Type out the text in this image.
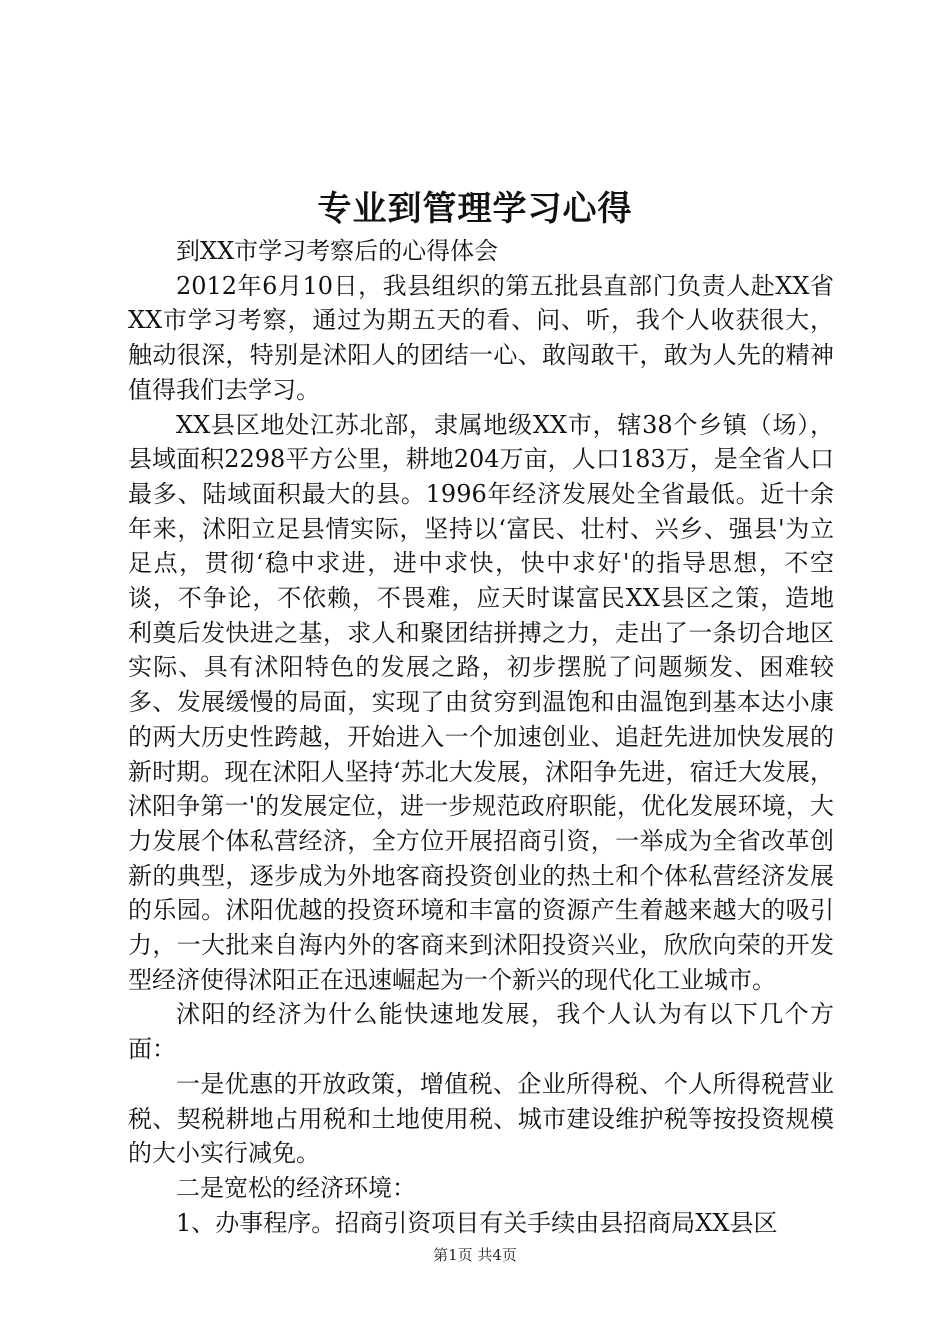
专业到管理学习心得

到XX市学习考察后的心得体会

2012年6月10日，我县组织的第五批县直部门负责人赴XX省XX市学习考察，通过为期五天的看、问、听，我个人收获很大，触动很深，特别是沭阳人的团结一心、敢闯敢干，敢为人先的精神值得我们去学习。

XX县区地处江苏北部，隶属地级XX市，辖38个乡镇（场），县域面积2298平方公里，耕地204万亩，人口183万，是全省人口最多、陆域面积最大的县。1996年经济发展处全省最低。近十余年来，沭阳立足县情实际，坚持以‘富民、壮村、兴乡、强县'为立足点，贯彻‘稳中求进，进中求快，快中求好'的指导思想，不空谈，不争论，不依赖，不畏难，应天时谋富民XX县区之策，造地利奠后发快进之基，求人和聚团结拼搏之力，走出了一条切合地区实际、具有沭阳特色的发展之路，初步摆脱了问题频发、困难较多、发展缓慢的局面，实现了由贫穷到温饱和由温饱到基本达小康的两大历史性跨越，开始进入一个加速创业、追赶先进加快发展的新时期。现在沭阳人坚持‘苏北大发展，沭阳争先进，宿迁大发展，沭阳争第一'的发展定位，进一步规范政府职能，优化发展环境，大力发展个体私营经济，全方位开展招商引资，一举成为全省改革创新的典型，逐步成为外地客商投资创业的热土和个体私营经济发展的乐园。沭阳优越的投资环境和丰富的资源产生着越来越大的吸引力，一大批来自海内外的客商来到沭阳投资兴业，欣欣向荣的开发型经济使得沭阳正在迅速崛起为一个新兴的现代化工业城市。

沭阳的经济为什么能快速地发展，我个人认为有以下几个方面：

一是优惠的开放政策，增值税、企业所得税、个人所得税营业税、契税耕地占用税和土地使用税、城市建设维护税等按投资规模的大小实行减免。

二是宽松的经济环境：

1、办事程序。招商引资项目有关手续由县招商局XX县区

第1页 共4页
